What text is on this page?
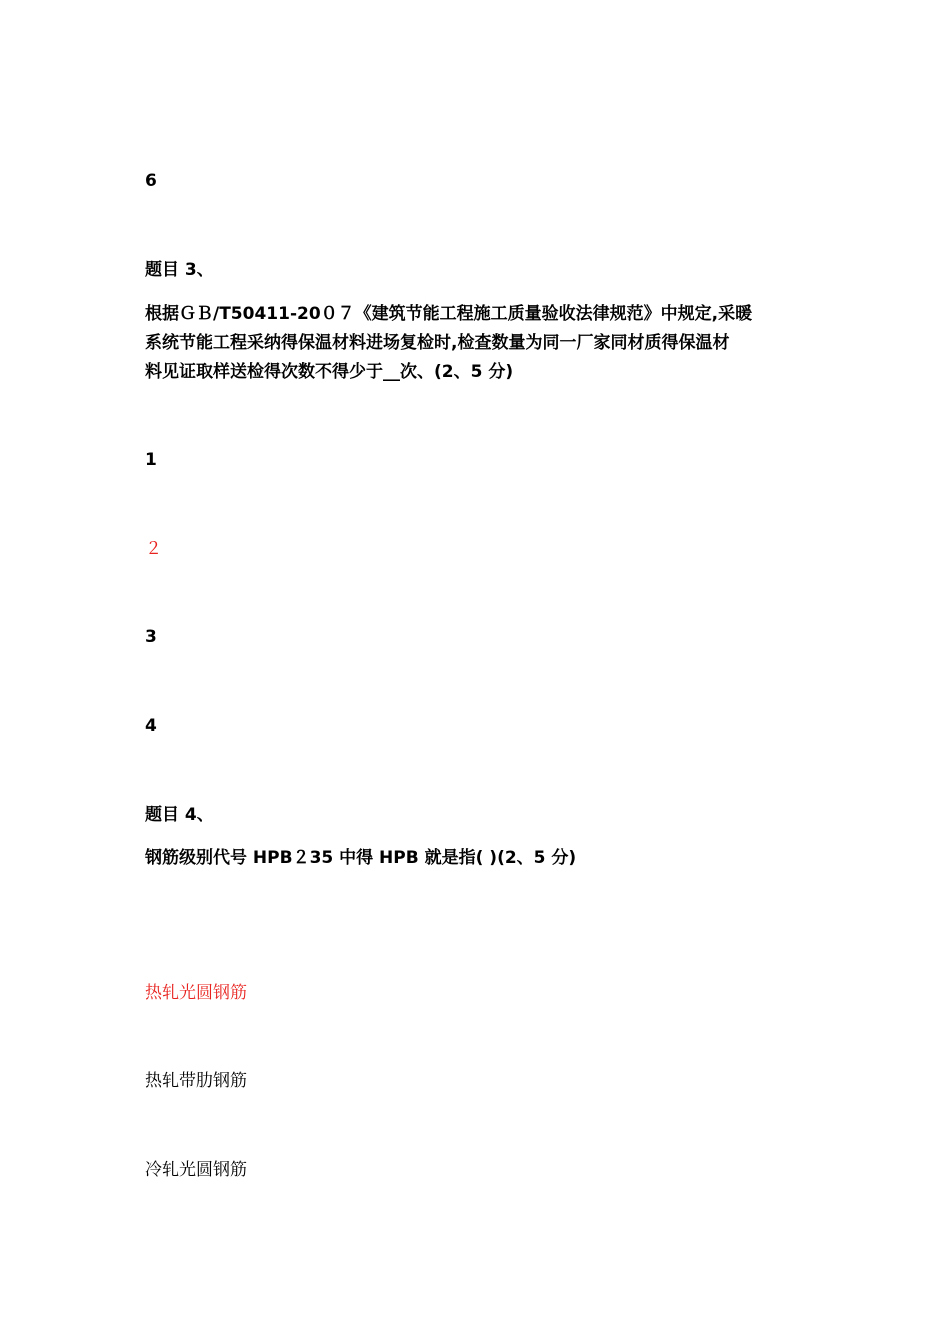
6
题目 3、
根据ＧＢ/T50411-20０７《建筑节能工程施工质量验收法律规范》中规定,采暖
系统节能工程采纳得保温材料进场复检时,检查数量为同一厂家同材质得保温材
料见证取样送检得次数不得少于__次、(2、5 分)
1
２
3
4
题目 4、
钢筋级别代号 HPB２35 中得 HPB 就是指( )(2、5 分)
热轧光圆钢筋
热轧带肋钢筋
冷轧光圆钢筋
